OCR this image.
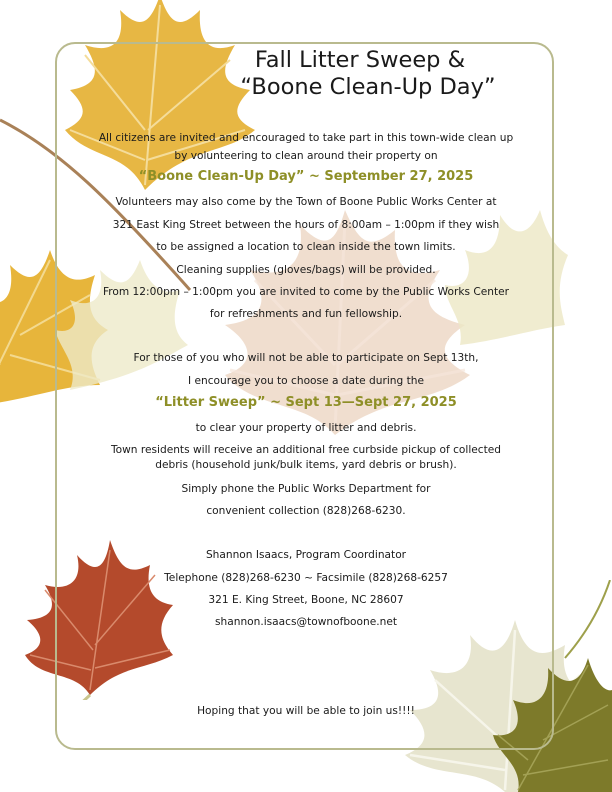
Fall Litter Sweep &
“Boone Clean-Up Day”
All citizens are invited and encouraged to take part in this town-wide clean up
by volunteering to clean around their property on
“Boone Clean-Up Day” ~ September 27, 2025
Volunteers may also come by the Town of Boone Public Works Center at
321 East King Street between the hours of 8:00am – 1:00pm if they wish
to be assigned a location to clean inside the town limits.
Cleaning supplies (gloves/bags) will be provided.
From 12:00pm – 1:00pm you are invited to come by the Public Works Center
for refreshments and fun fellowship.
For those of you who will not be able to participate on Sept 13th,
I encourage you to choose a date during the
“Litter Sweep” ~ Sept 13—Sept 27, 2025
to clear your property of litter and debris.
Town residents will receive an additional free curbside pickup of collected
debris (household junk/bulk items, yard debris or brush).
Simply phone the Public Works Department for
convenient collection (828)268-6230.
Shannon Isaacs, Program Coordinator
Telephone (828)268-6230 ~ Facsimile (828)268-6257
321 E. King Street, Boone, NC 28607
shannon.isaacs@townofboone.net
Hoping that you will be able to join us!!!!
